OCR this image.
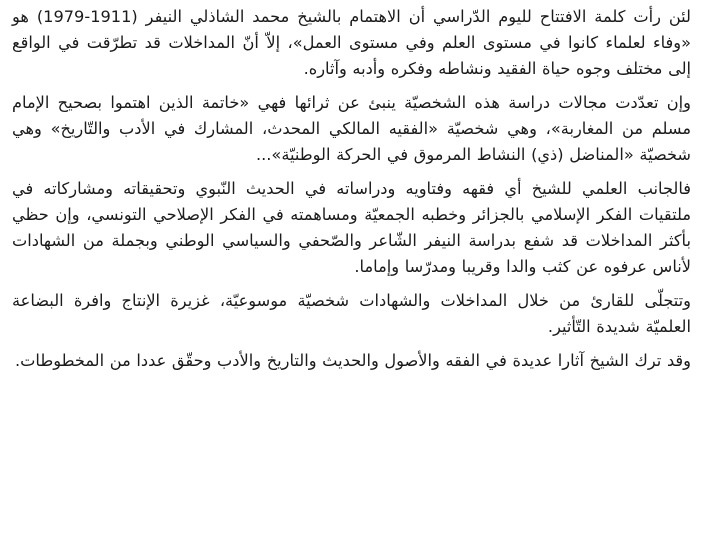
لئن رأت كلمة الافتتاح لليوم الدّراسي أن الاهتمام بالشيخ محمد الشاذلي النيفر (1911-1979) هو «وفاء لعلماء كانوا في مستوى العلم وفي مستوى العمل»، إلاّ أنّ المداخلات قد تطرّقت في الواقع إلى مختلف وجوه حياة الفقيد ونشاطه وفكره وأدبه وآثاره.

وإن تعدّدت مجالات دراسة هذه الشخصيّة ينبئ عن ثرائها فهي «خاتمة الذين اهتموا بصحيح الإمام مسلم من المغاربة»، وهي شخصيّة «الفقيه المالكي المحدث، المشارك في الأدب والتّاريخ» وهي شخصيّة «المناضل (ذي) النشاط المرموق في الحركة الوطنيّة»...

فالجانب العلمي للشيخ أي فقهه وفتاويه ودراساته في الحديث النّبوي وتحقيقاته ومشاركاته في ملتقيات الفكر الإسلامي بالجزائر وخطبه الجمعيّة ومساهمته في الفكر الإصلاحي التونسي، وإن حظي بأكثر المداخلات قد شفع بدراسة النيفر الشّاعر والصّحفي والسياسي الوطني وبجملة من الشهادات لأناس عرفوه عن كثب والدا وقريبا ومدرّسا وإماما.

وتتجلّى للقارئ من خلال المداخلات والشهادات شخصيّة موسوعيّة، غزيرة الإنتاج وافرة البضاعة العلميّة شديدة التّأثير.

وقد ترك الشيخ آثارا عديدة في الفقه والأصول والحديث والتاريخ والأدب وحقّق عددا من المخطوطات.
